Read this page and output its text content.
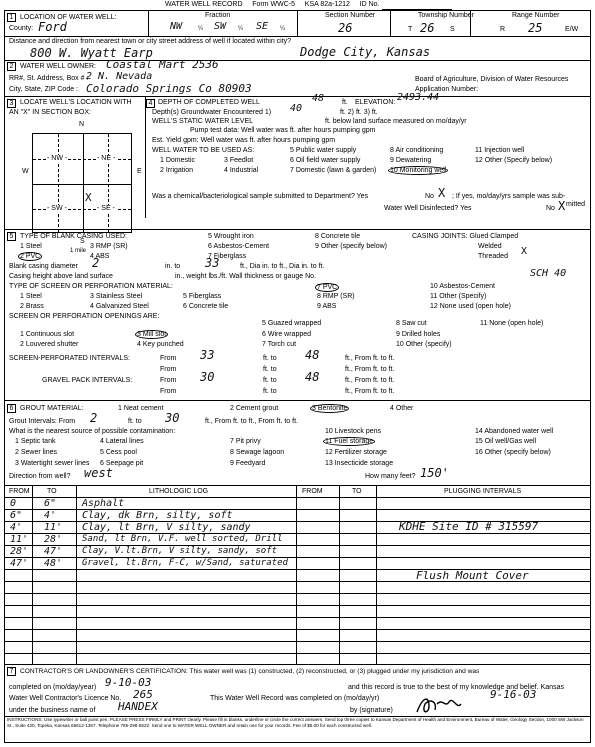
WATER WELL RECORD Form WWC-5 KSA 82a-1212 ID No.
1 LOCATION OF WATER WELL:
County: Ford
Fraction
NW	¼ SW ¼ SE ¼
Section Number
26
Township Number
T 26 S
Range Number
R 25	E/W
Distance and direction from nearest town or city street address of well if located within city?
800 W. Wyatt Earp	Dodge City, Kansas
2 WATER WELL OWNER: Coastal Mart 2536
RR#, St. Address, Box # :
2 N. Nevada
City, State, ZIP Code : Colorado Springs Co 80903
Board of Agriculture, Division of Water Resources
Application Number:
3 LOCATE WELL'S LOCATION WITH
AN "X" IN SECTION BOX:
N
W	E
S
- NW -	- NE -
- SW -	- SE -
X
1 mile
4 DEPTH OF COMPLETED WELL	48	ft. ELEVATION: 2493.44
Depth(s) Groundwater Encountered 1) 40	ft. 2) ft. 3) ft.
WELL'S STATIC WATER LEVEL	ft. below land surface measured on mo/day/yr
Pump test data: Well water was ft. after hours pumping gpm
Est. Yield gpm: Well water was ft. after hours pumping gpm
WELL WATER TO BE USED AS:	5 Public water supply	8 Air conditioning	11 Injection well
1 Domestic	3 Feedlot	6 Oil field water supply	9 Dewatering	12 Other (Specify below)
2 Irrigation	4 Industrial	7 Domestic (lawn & garden) 10 Monitoring well
Was a chemical/bacteriological sample submitted to Department? Yes	No X ; If yes, mo/day/yrs sample was sub-
mitted
Water Well Disinfected? Yes	No X
5 TYPE OF BLANK CASING USED:	5 Wrought iron	8 Concrete tile	CASING JOINTS: Glued Clamped
1 Steel	3 RMP (SR)	6 Asbestos-Cement	9 Other (specify below)	Welded
2 PVC	4 ABS	7 Fiberglass	Threaded X
Blank casing diameter 2	in. to 33	ft., Dia in. to ft., Dia in. to ft.
Casing height above land surface	in., weight lbs./ft. Wall thickness or gauge No.	SCH 40
TYPE OF SCREEN OR PERFORATION MATERIAL:
1 Steel	3 Stainless Steel	5 Fiberglass
7 PVC	10 Asbestos-Cement
2 Brass	4 Galvanized Steel	6 Concrete tile
8 RMP (SR)	11 Other (Specify)
9 ABS	12 None used (open hole)
SCREEN OR PERFORATION OPENINGS ARE:
5 Guazed wrapped	8 Saw cut	11 None (open hole)
1 Continuous slot	3 Mill slot	6 Wire wrapped	9 Drilled holes
2 Louvered shutter	4 Key punched	7 Torch cut	10 Other (specify)
SCREEN-PERFORATED INTERVALS:	From 33	ft. to 48	ft., From ft. to ft.
From	ft. to	ft., From ft. to ft.
GRAVEL PACK INTERVALS:	From 30	ft. to 48	ft., From ft. to ft.
From	ft. to	ft., From ft. to ft.
6 GROUT MATERIAL:	1 Neat cement	2 Cement grout	3 Bentonite	4 Other
Grout Intervals: From 2	ft. to 30	ft., From ft. to ft., From ft. to ft.
What is the nearest source of possible contamination:	10 Livestock pens	14 Abandoned water well
1 Septic tank	4 Lateral lines	7 Pit privy	11 Fuel storage	15 Oil well/Gas well
2 Sewer lines	5 Cess pool	8 Sewage lagoon	12 Fertilizer storage	16 Other (specify below)
3 Watertight sewer lines 6 Seepage pit	9 Feedyard	13 Insecticide storage
Direction from well? west	How many feet? 150'
FROM TO	LITHOLOGIC LOG	FROM	TO	PLUGGING INTERVALS
0	6"	Asphalt
6" 4'	Clay, dk Brn, silty, soft
4' 11' Clay, lt Brn, V silty, sandy
11' 28' Sand, lt Brn, V.F. well sorted, Drill
28' 47' Clay, V.lt.Brn, V silty, sandy, soft
47' 48' Gravel, lt.Brn, F-C, w/Sand, saturated
KDHE Site ID # 315597
Flush Mount Cover
7 CONTRACTOR'S OR LANDOWNER'S CERTIFICATION: This water well was (1) constructed, (2) reconstructed, or (3) plugged under my jurisdiction and was
completed on (mo/day/year) 9-10-03	and this record is true to the best of my knowledge and belief. Kansas
Water Well Contractor's Licence No. 265	This Water Well Record was completed on (mo/day/yr)	9-16-03
under the business name of HANDEX	by (signature)
INSTRUCTIONS: Use typewriter or ball point pen. PLEASE PRESS FIRMLY and PRINT clearly. Please fill in blanks, underline or circle the correct answers. Send top three copies to Kansas Department of Health and Environment, Bureau of Water, Geology Section, 1000 SW Jackson St., Suite 420, Topeka, Kansas 66612-1367. Telephone 785-296-5522. Send one to WATER WELL OWNER and retain one for your records. Fee of $5.00 for each constructed well.
